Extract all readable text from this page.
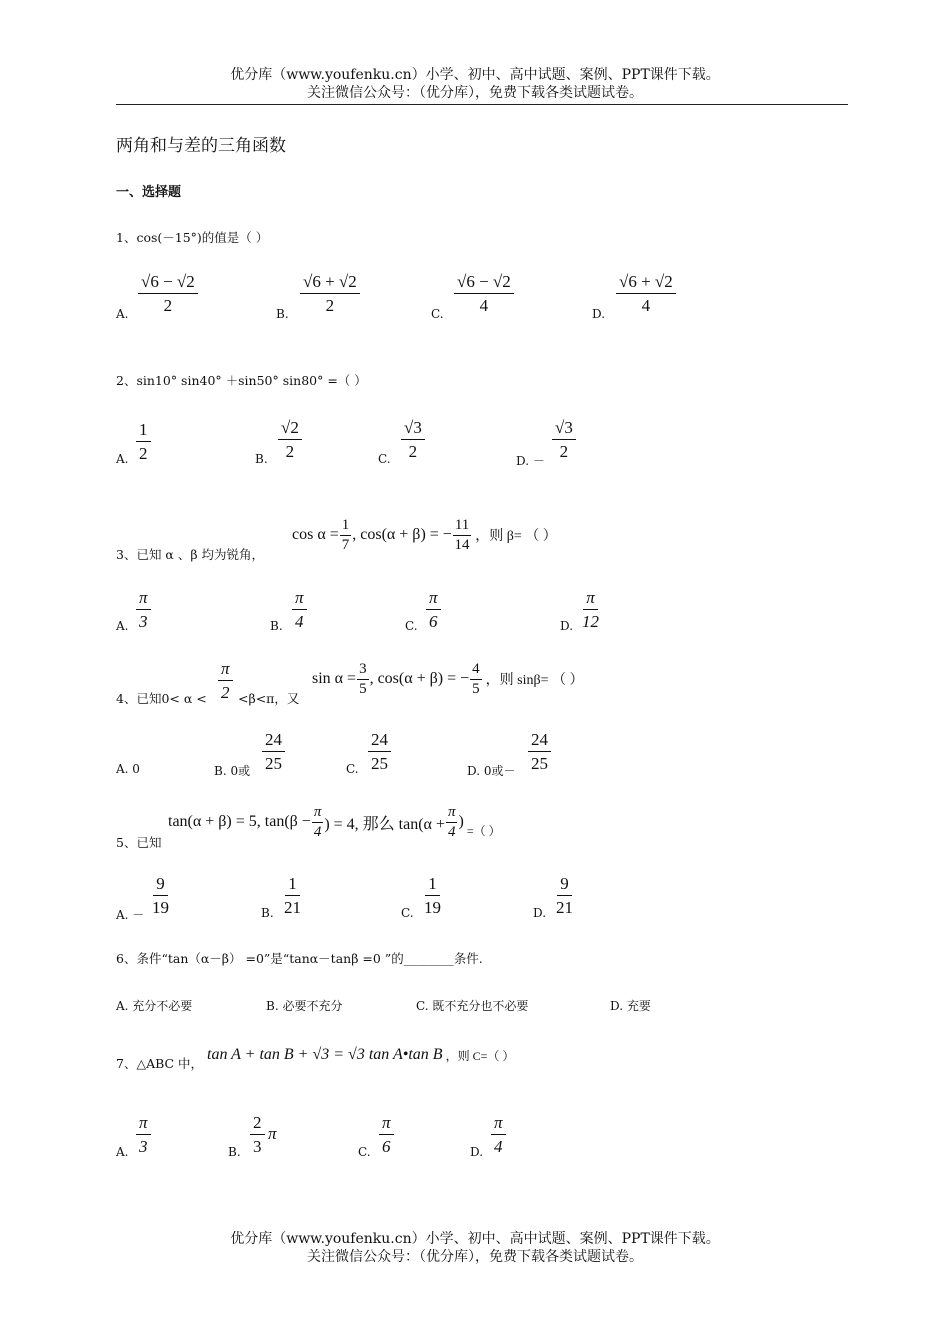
优分库（www.youfenku.cn）小学、初中、高中试题、案例、PPT课件下载。
关注微信公众号：（优分库），免费下载各类试题试卷。
两角和与差的三角函数
一、选择题
1、cos(－15°)的值是（ ）
A. $\frac{√6 - √2}{2}$	B. $\frac{√6 + √2}{2}$	C. $\frac{√6 - √2}{4}$	D. $\frac{√6 + √2}{4}$
2、sin10° sin40° ＋sin50° sin80° =（ ）
A. $\frac{1}{2}$	B. $\frac{√2}{2}$	C. $\frac{√3}{2}$
D. －
$\frac{√3}{2}$
3、已知 α 、β 均为锐角，
$\cos \alpha = \frac{1}{7}$ , cos(α + β) = − $\frac{11}{14}$ ，则 β= （ ）
A. $\frac{\pi}{3}$	B. $\frac{\pi}{4}$	C. $\frac{\pi}{6}$	D. $\frac{\pi}{12}$
4、已知$0< \alpha < \frac{\pi}{2} <\beta<\pi$，又
$\sin \alpha = \frac{3}{5}$ , cos(α + β) = − $\frac{4}{5}$ ，则 sinβ= （ ）
A. 0	B. 0或 $\frac{24}{25}$	C. $\frac{24}{25}$	D. 0或－ $\frac{24}{25}$
5、已知
tan(α + β) = 5, $\tan(\beta - \frac{\pi}{4}$ ) = 4, 那么 $\tan(\alpha + \frac{\pi}{4}$ )
=（ ）
A. － $\frac{9}{19}$	B. $\frac{1}{21}$	C. $\frac{1}{19}$	D. $\frac{9}{21}$
6、条件“tan（α－β） =0”是“tanα－tanβ =0 ”的________条件.
A. 充分不必要	B. 必要不充分	C. 既不充分也不必要	D. 充要
7、△ABC 中，
tan A + tan B + √3 = √3 tan A•tan B ，则 C=（ ）
A. $\frac{\pi}{3}$	B. $\frac{2}{3}$ π
C. $\frac{\pi}{6}$	D. $\frac{\pi}{4}$
优分库（www.youfenku.cn）小学、初中、高中试题、案例、PPT课件下载。
关注微信公众号：（优分库），免费下载各类试题试卷。
